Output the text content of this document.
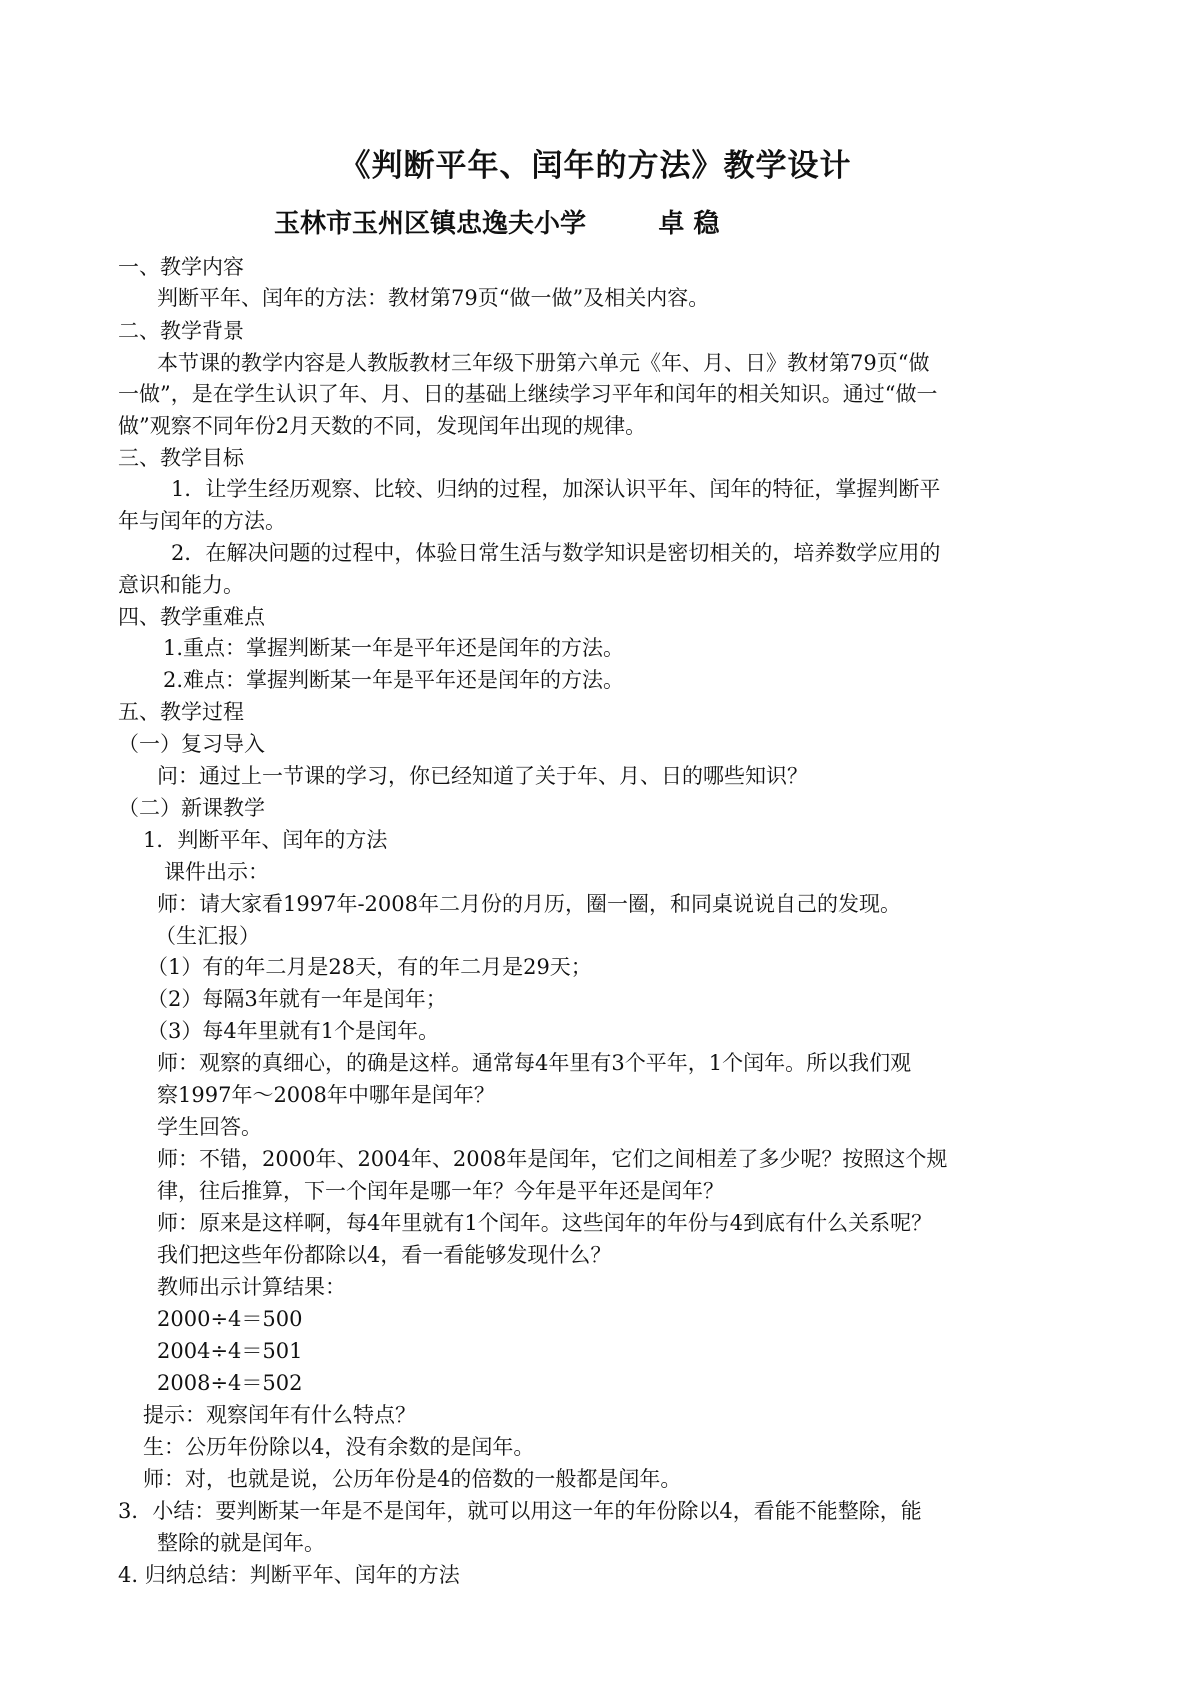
《判断平年、闰年的方法》教学设计
玉林市玉州区镇忠逸夫小学        卓 稳
一、教学内容
判断平年、闰年的方法：教材第79页“做一做”及相关内容。
二、教学背景
本节课的教学内容是人教版教材三年级下册第六单元《年、月、日》教材第79页“做
一做”，是在学生认识了年、月、日的基础上继续学习平年和闰年的相关知识。通过“做一
做”观察不同年份2月天数的不同，发现闰年出现的规律。
三、教学目标
1．让学生经历观察、比较、归纳的过程，加深认识平年、闰年的特征，掌握判断平
年与闰年的方法。
2．在解决问题的过程中，体验日常生活与数学知识是密切相关的，培养数学应用的
意识和能力。
四、教学重难点
1.重点：掌握判断某一年是平年还是闰年的方法。
2.难点：掌握判断某一年是平年还是闰年的方法。
五、教学过程
（一）复习导入
问：通过上一节课的学习，你已经知道了关于年、月、日的哪些知识？
（二）新课教学
1．判断平年、闰年的方法
课件出示：
师：请大家看1997年-2008年二月份的月历，圈一圈，和同桌说说自己的发现。
（生汇报）
（1）有的年二月是28天，有的年二月是29天；
（2）每隔3年就有一年是闰年；
（3）每4年里就有1个是闰年。
师：观察的真细心，的确是这样。通常每4年里有3个平年，1个闰年。所以我们观
察1997年～2008年中哪年是闰年？
学生回答。
师：不错，2000年、2004年、2008年是闰年，它们之间相差了多少呢？按照这个规
律，往后推算，下一个闰年是哪一年？今年是平年还是闰年？
师：原来是这样啊，每4年里就有1个闰年。这些闰年的年份与4到底有什么关系呢？
我们把这些年份都除以4，看一看能够发现什么？
教师出示计算结果：
2000÷4＝500
2004÷4＝501
2008÷4＝502
提示：观察闰年有什么特点？
生：公历年份除以4，没有余数的是闰年。
师：对，也就是说，公历年份是4的倍数的一般都是闰年。
3．小结：要判断某一年是不是闰年，就可以用这一年的年份除以4，看能不能整除，能
整除的就是闰年。
4. 归纳总结：判断平年、闰年的方法
